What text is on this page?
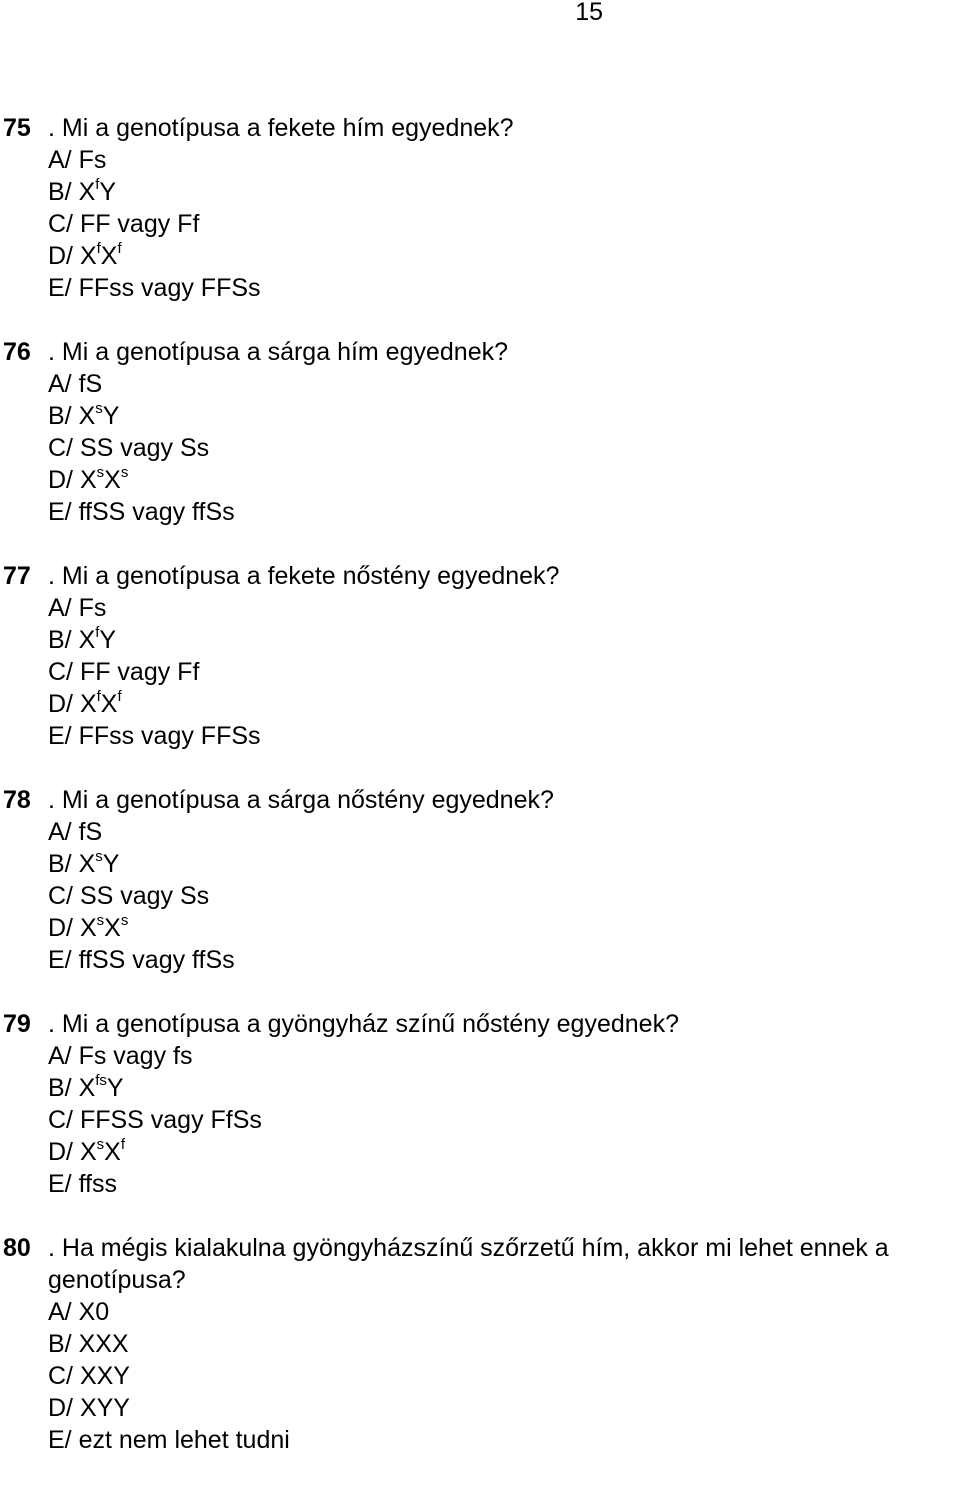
15
75 . Mi a genotípusa a fekete hím egyednek?
A/ Fs
B/ $X^fY$
C/ FF vagy Ff
D/ $X^fX^f$
E/ FFss vagy FFSs
76 . Mi a genotípusa a sárga hím egyednek?
A/ fS
B/ $X^sY$
C/ SS vagy Ss
D/ $X^sX^s$
E/ ffSS vagy ffSs
77 . Mi a genotípusa a fekete nőstény egyednek?
A/ Fs
B/ $X^fY$
C/ FF vagy Ff
D/ $X^fX^f$
E/ FFss vagy FFSs
78 . Mi a genotípusa a sárga nőstény egyednek?
A/ fS
B/ $X^sY$
C/ SS vagy Ss
D/ $X^sX^s$
E/ ffSS vagy ffSs
79 . Mi a genotípusa a gyöngyház színű nőstény egyednek?
A/ Fs vagy fs
B/ $X^{fs}Y$
C/ FFSS vagy FfSs
D/ $X^sX^f$
E/ ffss
80 . Ha mégis kialakulna gyöngyházszínű szőrzetű hím, akkor mi lehet ennek a
genotípusa?
A/ X0
B/ XXX
C/ XXY
D/ XYY
E/ ezt nem lehet tudni
